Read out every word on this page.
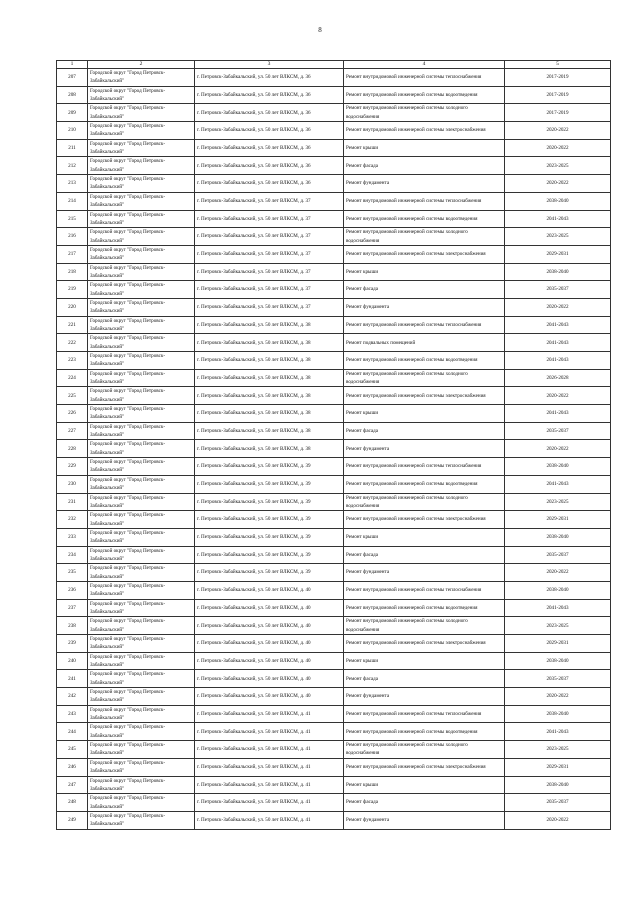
8
1	2	3	4	5
207	Городской округ "Город Петровск-Забайкальский"	г. Петровск-Забайкальский, ул. 50 лет ВЛКСМ, д. 36	Ремонт внутридомовой инженерной системы теплоснабжения	2017-2019
208	Городской округ "Город Петровск-Забайкальский"	г. Петровск-Забайкальский, ул. 50 лет ВЛКСМ, д. 36	Ремонт внутридомовой инженерной системы водоотведения	2017-2019
209	Городской округ "Город Петровск-Забайкальский"	г. Петровск-Забайкальский, ул. 50 лет ВЛКСМ, д. 36	Ремонт внутридомовой инженерной системы холодного водоснабжения	2017-2019
210	Городской округ "Город Петровск-Забайкальский"	г. Петровск-Забайкальский, ул. 50 лет ВЛКСМ, д. 36	Ремонт внутридомовой инженерной системы электроснабжения	2020-2022
211	Городской округ "Город Петровск-Забайкальский"	г. Петровск-Забайкальский, ул. 50 лет ВЛКСМ, д. 36	Ремонт крыши	2020-2022
212	Городской округ "Город Петровск-Забайкальский"	г. Петровск-Забайкальский, ул. 50 лет ВЛКСМ, д. 36	Ремонт фасада	2023-2025
213	Городской округ "Город Петровск-Забайкальский"	г. Петровск-Забайкальский, ул. 50 лет ВЛКСМ, д. 36	Ремонт фундамента	2020-2022
214	Городской округ "Город Петровск-Забайкальский"	г. Петровск-Забайкальский, ул. 50 лет ВЛКСМ, д. 37	Ремонт внутридомовой инженерной системы теплоснабжения	2038-2040
215	Городской округ "Город Петровск-Забайкальский"	г. Петровск-Забайкальский, ул. 50 лет ВЛКСМ, д. 37	Ремонт внутридомовой инженерной системы водоотведения	2041-2043
216	Городской округ "Город Петровск-Забайкальский"	г. Петровск-Забайкальский, ул. 50 лет ВЛКСМ, д. 37	Ремонт внутридомовой инженерной системы холодного водоснабжения	2023-2025
217	Городской округ "Город Петровск-Забайкальский"	г. Петровск-Забайкальский, ул. 50 лет ВЛКСМ, д. 37	Ремонт внутридомовой инженерной системы электроснабжения	2029-2031
218	Городской округ "Город Петровск-Забайкальский"	г. Петровск-Забайкальский, ул. 50 лет ВЛКСМ, д. 37	Ремонт крыши	2038-2040
219	Городской округ "Город Петровск-Забайкальский"	г. Петровск-Забайкальский, ул. 50 лет ВЛКСМ, д. 37	Ремонт фасада	2035-2037
220	Городской округ "Город Петровск-Забайкальский"	г. Петровск-Забайкальский, ул. 50 лет ВЛКСМ, д. 37	Ремонт фундамента	2020-2022
221	Городской округ "Город Петровск-Забайкальский"	г. Петровск-Забайкальский, ул. 50 лет ВЛКСМ, д. 38	Ремонт внутридомовой инженерной системы теплоснабжения	2041-2043
222	Городской округ "Город Петровск-Забайкальский"	г. Петровск-Забайкальский, ул. 50 лет ВЛКСМ, д. 38	Ремонт подвальных помещений	2041-2043
223	Городской округ "Город Петровск-Забайкальский"	г. Петровск-Забайкальский, ул. 50 лет ВЛКСМ, д. 38	Ремонт внутридомовой инженерной системы водоотведения	2041-2043
224	Городской округ "Город Петровск-Забайкальский"	г. Петровск-Забайкальский, ул. 50 лет ВЛКСМ, д. 38	Ремонт внутридомовой инженерной системы холодного водоснабжения	2026-2028
225	Городской округ "Город Петровск-Забайкальский"	г. Петровск-Забайкальский, ул. 50 лет ВЛКСМ, д. 38	Ремонт внутридомовой инженерной системы электроснабжения	2020-2022
226	Городской округ "Город Петровск-Забайкальский"	г. Петровск-Забайкальский, ул. 50 лет ВЛКСМ, д. 38	Ремонт крыши	2041-2043
227	Городской округ "Город Петровск-Забайкальский"	г. Петровск-Забайкальский, ул. 50 лет ВЛКСМ, д. 38	Ремонт фасада	2035-2037
228	Городской округ "Город Петровск-Забайкальский"	г. Петровск-Забайкальский, ул. 50 лет ВЛКСМ, д. 38	Ремонт фундамента	2020-2022
229	Городской округ "Город Петровск-Забайкальский"	г. Петровск-Забайкальский, ул. 50 лет ВЛКСМ, д. 39	Ремонт внутридомовой инженерной системы теплоснабжения	2038-2040
230	Городской округ "Город Петровск-Забайкальский"	г. Петровск-Забайкальский, ул. 50 лет ВЛКСМ, д. 39	Ремонт внутридомовой инженерной системы водоотведения	2041-2043
231	Городской округ "Город Петровск-Забайкальский"	г. Петровск-Забайкальский, ул. 50 лет ВЛКСМ, д. 39	Ремонт внутридомовой инженерной системы холодного водоснабжения	2023-2025
232	Городской округ "Город Петровск-Забайкальский"	г. Петровск-Забайкальский, ул. 50 лет ВЛКСМ, д. 39	Ремонт внутридомовой инженерной системы электроснабжения	2029-2031
233	Городской округ "Город Петровск-Забайкальский"	г. Петровск-Забайкальский, ул. 50 лет ВЛКСМ, д. 39	Ремонт крыши	2038-2040
234	Городской округ "Город Петровск-Забайкальский"	г. Петровск-Забайкальский, ул. 50 лет ВЛКСМ, д. 39	Ремонт фасада	2035-2037
235	Городской округ "Город Петровск-Забайкальский"	г. Петровск-Забайкальский, ул. 50 лет ВЛКСМ, д. 39	Ремонт фундамента	2020-2022
236	Городской округ "Город Петровск-Забайкальский"	г. Петровск-Забайкальский, ул. 50 лет ВЛКСМ, д. 40	Ремонт внутридомовой инженерной системы теплоснабжения	2038-2040
237	Городской округ "Город Петровск-Забайкальский"	г. Петровск-Забайкальский, ул. 50 лет ВЛКСМ, д. 40	Ремонт внутридомовой инженерной системы водоотведения	2041-2043
238	Городской округ "Город Петровск-Забайкальский"	г. Петровск-Забайкальский, ул. 50 лет ВЛКСМ, д. 40	Ремонт внутридомовой инженерной системы холодного водоснабжения	2023-2025
239	Городской округ "Город Петровск-Забайкальский"	г. Петровск-Забайкальский, ул. 50 лет ВЛКСМ, д. 40	Ремонт внутридомовой инженерной системы электроснабжения	2029-2031
240	Городской округ "Город Петровск-Забайкальский"	г. Петровск-Забайкальский, ул. 50 лет ВЛКСМ, д. 40	Ремонт крыши	2038-2040
241	Городской округ "Город Петровск-Забайкальский"	г. Петровск-Забайкальский, ул. 50 лет ВЛКСМ, д. 40	Ремонт фасада	2035-2037
242	Городской округ "Город Петровск-Забайкальский"	г. Петровск-Забайкальский, ул. 50 лет ВЛКСМ, д. 40	Ремонт фундамента	2020-2022
243	Городской округ "Город Петровск-Забайкальский"	г. Петровск-Забайкальский, ул. 50 лет ВЛКСМ, д. 41	Ремонт внутридомовой инженерной системы теплоснабжения	2038-2040
244	Городской округ "Город Петровск-Забайкальский"	г. Петровск-Забайкальский, ул. 50 лет ВЛКСМ, д. 41	Ремонт внутридомовой инженерной системы водоотведения	2041-2043
245	Городской округ "Город Петровск-Забайкальский"	г. Петровск-Забайкальский, ул. 50 лет ВЛКСМ, д. 41	Ремонт внутридомовой инженерной системы холодного водоснабжения	2023-2025
246	Городской округ "Город Петровск-Забайкальский"	г. Петровск-Забайкальский, ул. 50 лет ВЛКСМ, д. 41	Ремонт внутридомовой инженерной системы электроснабжения	2029-2031
247	Городской округ "Город Петровск-Забайкальский"	г. Петровск-Забайкальский, ул. 50 лет ВЛКСМ, д. 41	Ремонт крыши	2038-2040
248	Городской округ "Город Петровск-Забайкальский"	г. Петровск-Забайкальский, ул. 50 лет ВЛКСМ, д. 41	Ремонт фасада	2035-2037
249	Городской округ "Город Петровск-Забайкальский"	г. Петровск-Забайкальский, ул. 50 лет ВЛКСМ, д. 41	Ремонт фундамента	2020-2022
